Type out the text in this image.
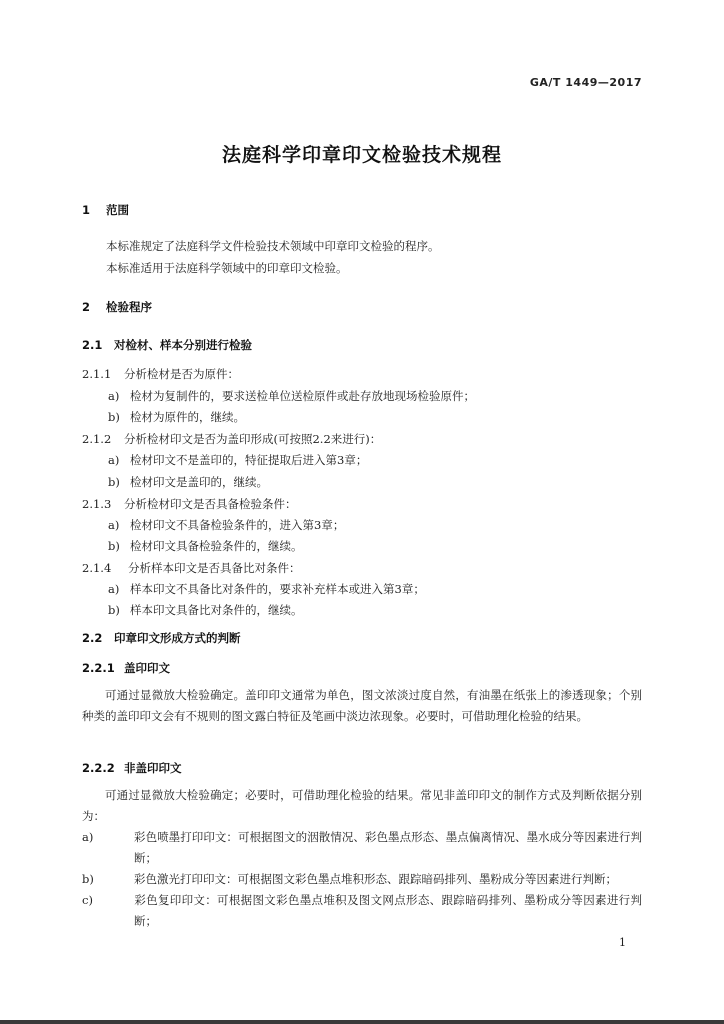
GA/T 1449—2017
法庭科学印章印文检验技术规程
1 范围
本标准规定了法庭科学文件检验技术领域中印章印文检验的程序。
本标准适用于法庭科学领域中的印章印文检验。
2 检验程序
2.1 对检材、样本分别进行检验
2.1.1 分析检材是否为原件：
a) 检材为复制件的，要求送检单位送检原件或赴存放地现场检验原件；
b) 检材为原件的，继续。
2.1.2 分析检材印文是否为盖印形成(可按照2.2来进行)：
a) 检材印文不是盖印的，特征提取后进入第3章；
b) 检材印文是盖印的，继续。
2.1.3 分析检材印文是否具备检验条件：
a) 检材印文不具备检验条件的，进入第3章；
b) 检材印文具备检验条件的，继续。
2.1.4 分析样本印文是否具备比对条件：
a) 样本印文不具备比对条件的，要求补充样本或进入第3章；
b) 样本印文具备比对条件的，继续。
2.2 印章印文形成方式的判断
2.2.1 盖印印文
可通过显微放大检验确定。盖印印文通常为单色，图文浓淡过度自然，有油墨在纸张上的渗透现象；个别种类的盖印印文会有不规则的图文露白特征及笔画中淡边浓现象。必要时，可借助理化检验的结果。
2.2.2 非盖印印文
可通过显微放大检验确定；必要时，可借助理化检验的结果。常见非盖印印文的制作方式及判断依据分别为：
a)	彩色喷墨打印印文：可根据图文的洇散情况、彩色墨点形态、墨点偏离情况、墨水成分等因素进行判断；
b)	彩色激光打印印文：可根据图文彩色墨点堆积形态、跟踪暗码排列、墨粉成分等因素进行判断；
c)	彩色复印印文：可根据图文彩色墨点堆积及图文网点形态、跟踪暗码排列、墨粉成分等因素进行判断；
1
